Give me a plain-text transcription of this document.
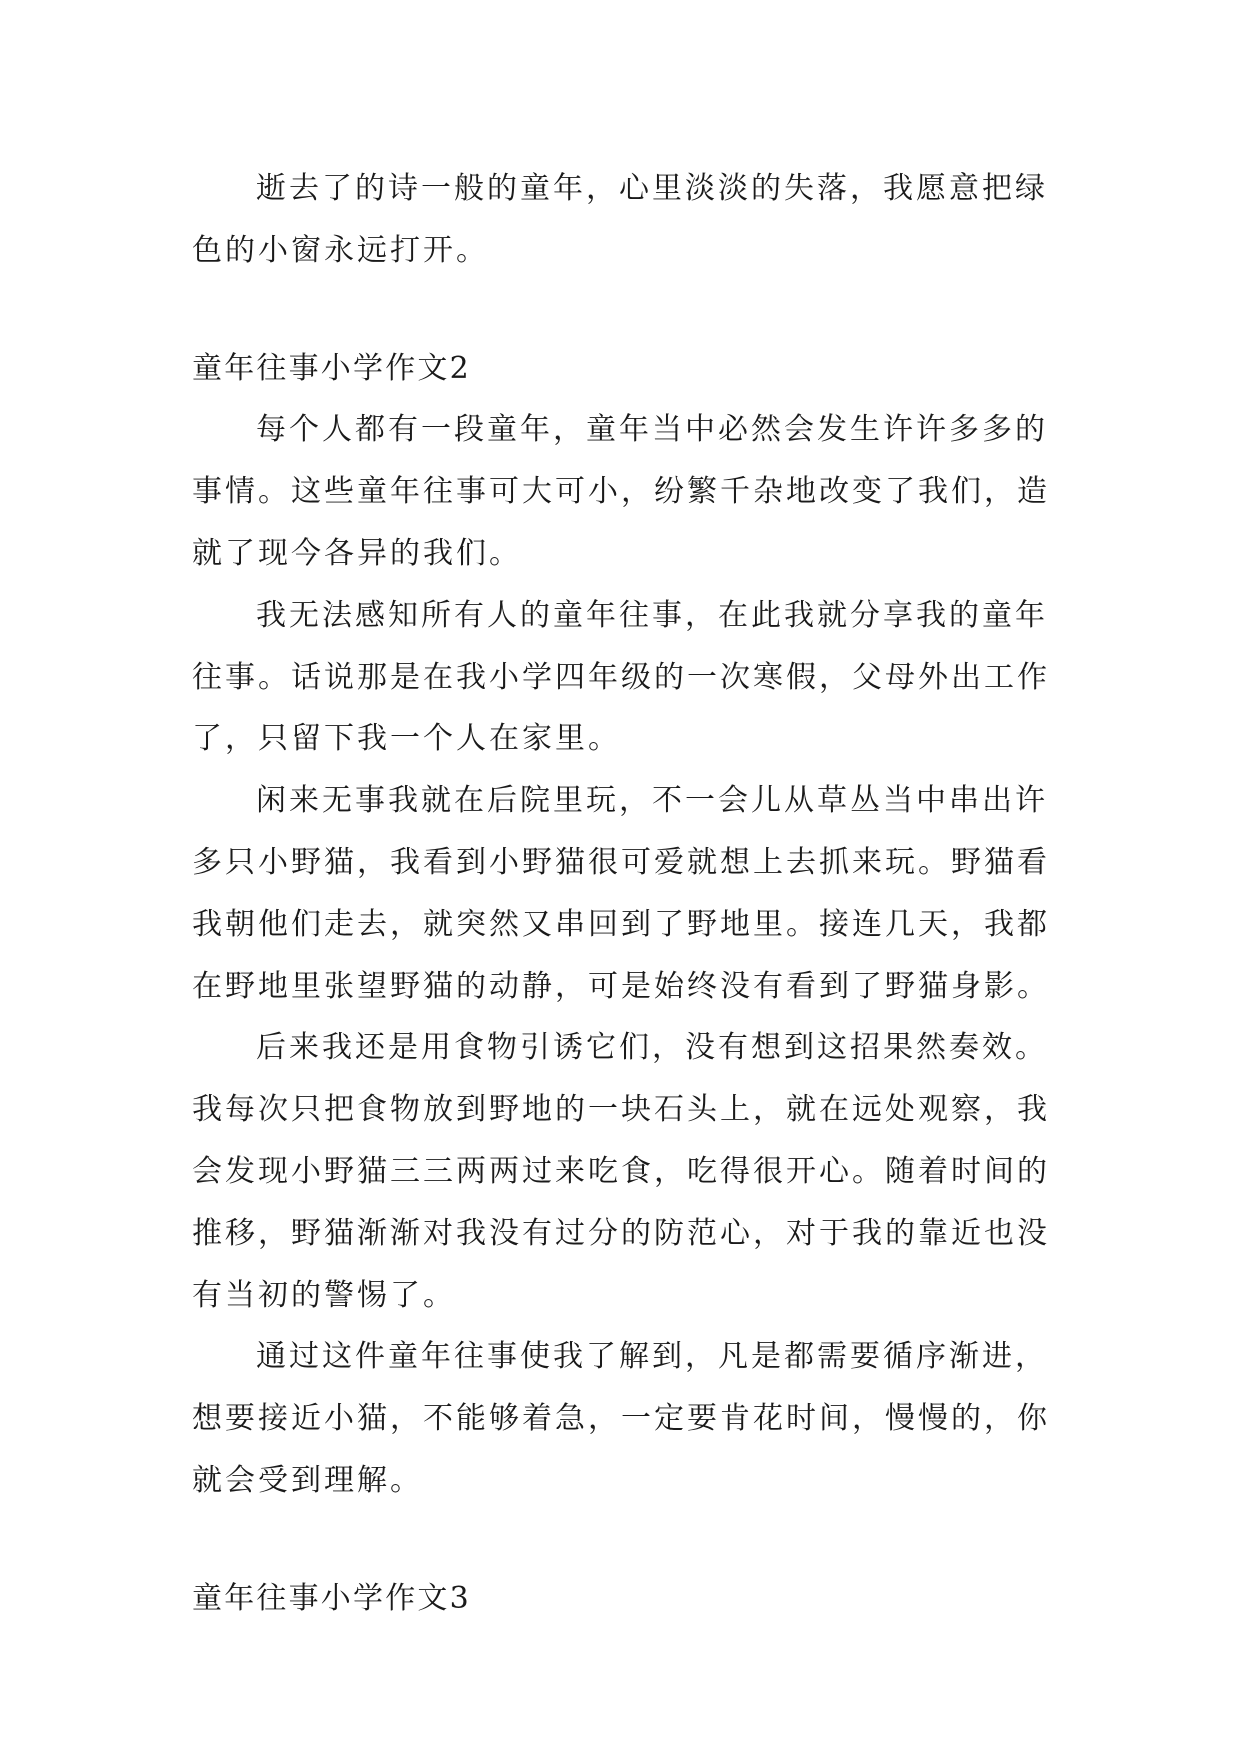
逝去了的诗一般的童年，心里淡淡的失落，我愿意把绿
色的小窗永远打开。
童年往事小学作文2
每个人都有一段童年，童年当中必然会发生许许多多的
事情。这些童年往事可大可小，纷繁千杂地改变了我们，造
就了现今各异的我们。
我无法感知所有人的童年往事，在此我就分享我的童年
往事。话说那是在我小学四年级的一次寒假，父母外出工作
了，只留下我一个人在家里。
闲来无事我就在后院里玩，不一会儿从草丛当中串出许
多只小野猫，我看到小野猫很可爱就想上去抓来玩。野猫看
我朝他们走去，就突然又串回到了野地里。接连几天，我都
在野地里张望野猫的动静，可是始终没有看到了野猫身影。
后来我还是用食物引诱它们，没有想到这招果然奏效。
我每次只把食物放到野地的一块石头上，就在远处观察，我
会发现小野猫三三两两过来吃食，吃得很开心。随着时间的
推移，野猫渐渐对我没有过分的防范心，对于我的靠近也没
有当初的警惕了。
通过这件童年往事使我了解到，凡是都需要循序渐进，
想要接近小猫，不能够着急，一定要肯花时间，慢慢的，你
就会受到理解。
童年往事小学作文3
